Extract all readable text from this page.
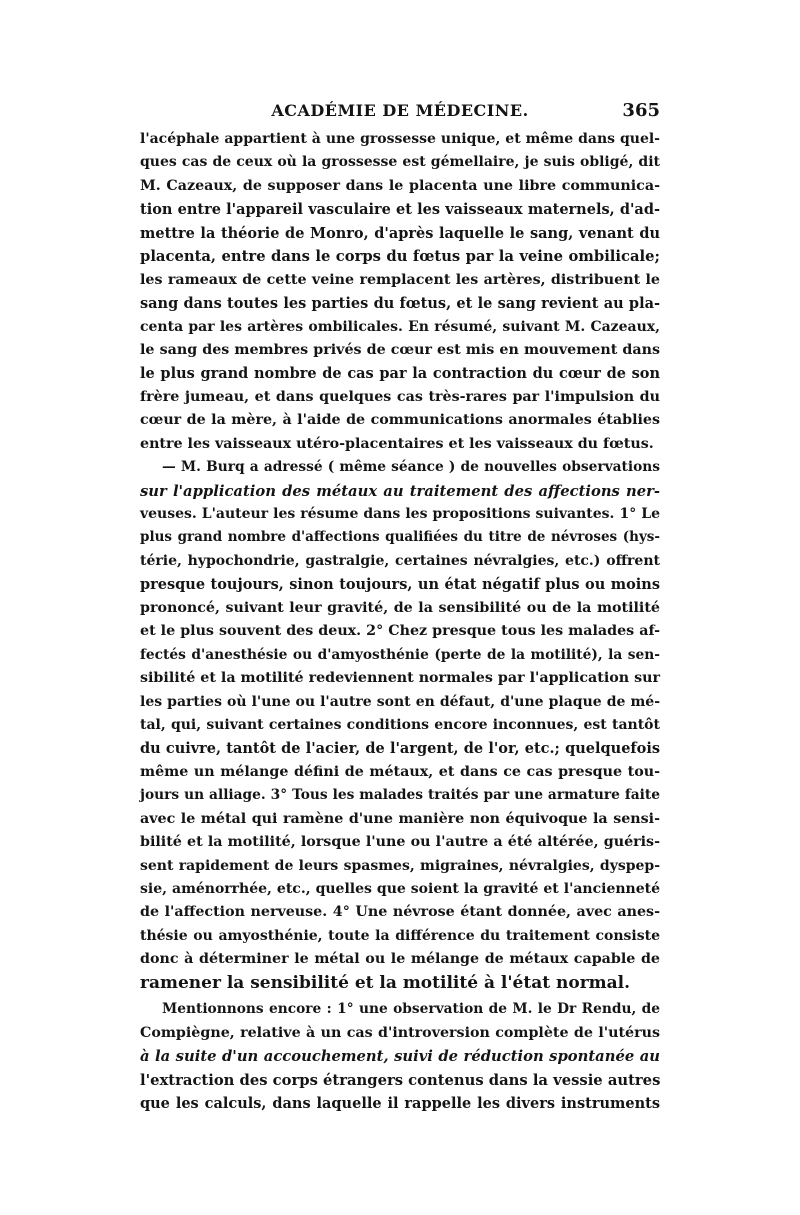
ACADÉMIE DE MÉDECINE.	365
l'acéphale appartient à une grossesse unique, et même dans quel-
ques cas de ceux où la grossesse est gémellaire, je suis obligé, dit
M. Cazeaux, de supposer dans le placenta une libre communica-
tion entre l'appareil vasculaire et les vaisseaux maternels, d'ad-
mettre la théorie de Monro, d'après laquelle le sang, venant du
placenta, entre dans le corps du fœtus par la veine ombilicale;
les rameaux de cette veine remplacent les artères, distribuent le
sang dans toutes les parties du fœtus, et le sang revient au pla-
centa par les artères ombilicales. En résumé, suivant M. Cazeaux,
le sang des membres privés de cœur est mis en mouvement dans
le plus grand nombre de cas par la contraction du cœur de son
frère jumeau, et dans quelques cas très-rares par l'impulsion du
cœur de la mère, à l'aide de communications anormales établies
entre les vaisseaux utéro-placentaires et les vaisseaux du fœtus.
— M. Burq a adressé ( même séance ) de nouvelles observations
sur l'application des métaux au traitement des affections ner-
veuses. L'auteur les résume dans les propositions suivantes. 1° Le
plus grand nombre d'affections qualifiées du titre de névroses (hys-
térie, hypochondrie, gastralgie, certaines névralgies, etc.) offrent
presque toujours, sinon toujours, un état négatif plus ou moins
prononcé, suivant leur gravité, de la sensibilité ou de la motilité
et le plus souvent des deux. 2° Chez presque tous les malades af-
fectés d'anesthésie ou d'amyosthénie (perte de la motilité), la sen-
sibilité et la motilité redeviennent normales par l'application sur
les parties où l'une ou l'autre sont en défaut, d'une plaque de mé-
tal, qui, suivant certaines conditions encore inconnues, est tantôt
du cuivre, tantôt de l'acier, de l'argent, de l'or, etc.; quelquefois
même un mélange défini de métaux, et dans ce cas presque tou-
jours un alliage. 3° Tous les malades traités par une armature faite
avec le métal qui ramène d'une manière non équivoque la sensi-
bilité et la motilité, lorsque l'une ou l'autre a été altérée, guéris-
sent rapidement de leurs spasmes, migraines, névralgies, dyspep-
sie, aménorrhée, etc., quelles que soient la gravité et l'ancienneté
de l'affection nerveuse. 4° Une névrose étant donnée, avec anes-
thésie ou amyosthénie, toute la différence du traitement consiste
donc à déterminer le métal ou le mélange de métaux capable de
ramener la sensibilité et la motilité à l'état normal.
Mentionnons encore : 1° une observation de M. le Dr Rendu, de
Compiègne, relative à un cas d'introversion complète de l'utérus
à la suite d'un accouchement, suivi de réduction spontanée au
l'extraction des corps étrangers contenus dans la vessie autres
que les calculs, dans laquelle il rappelle les divers instruments
